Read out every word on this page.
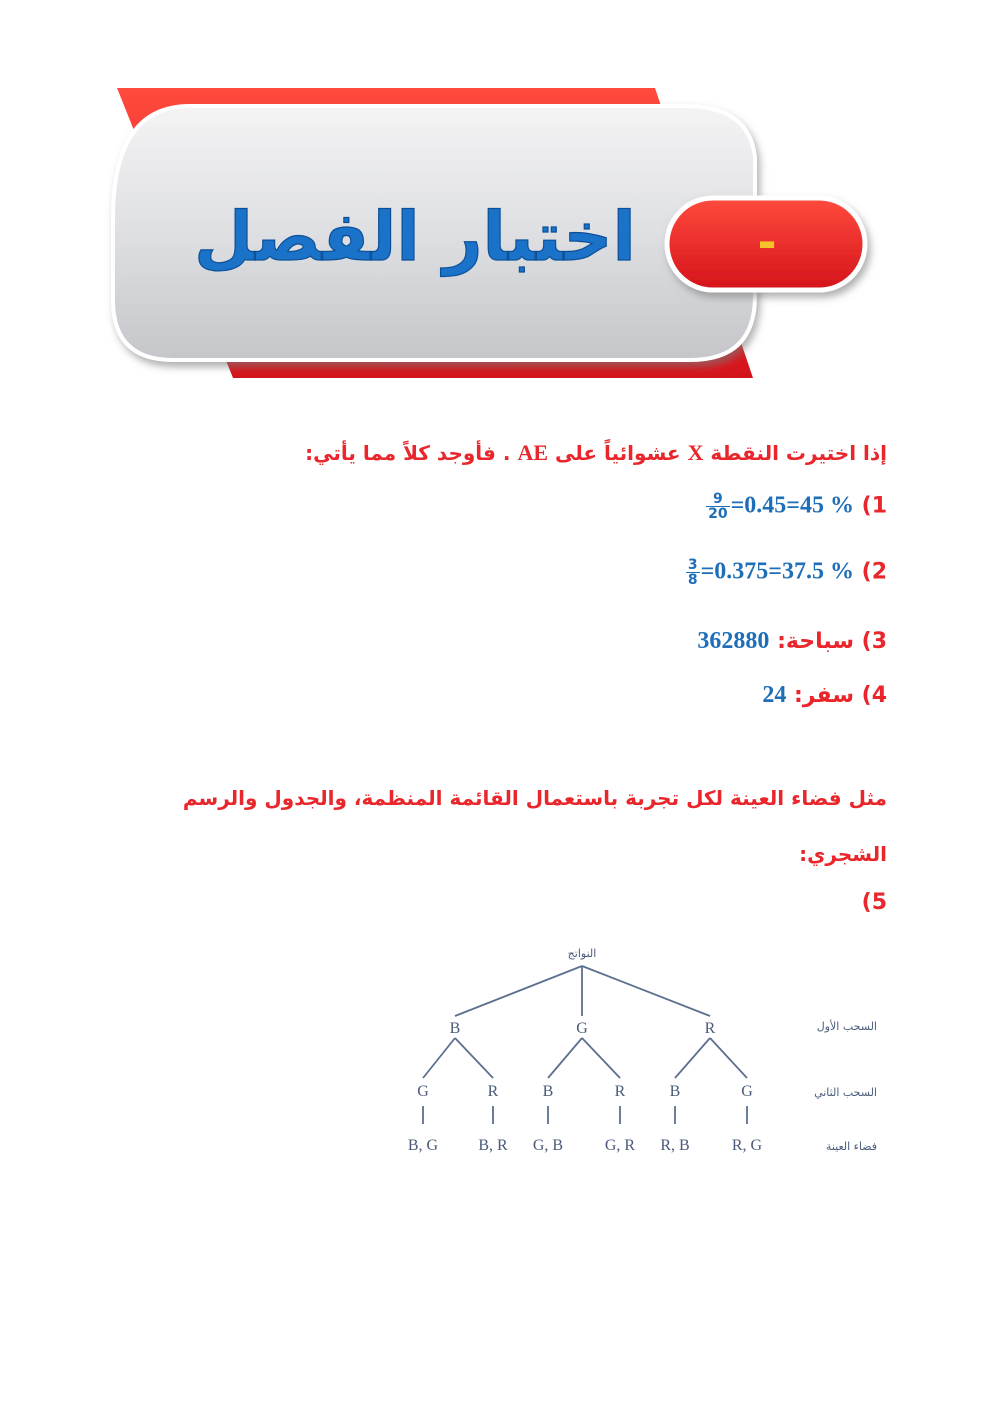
-
اختبار الفصل
إذا اختيرت النقطة X عشوائياً على AE . فأوجد كلاً مما يأتي:
1)
$\frac{9}{20} =0.45=45$ %
2)
$\frac{3}{8} =0.375=37.5$ %
3) سباحة: 362880
4) سفر: 24
مثل فضاء العينة لكل تجربة باستعمال القائمة المنظمة، والجدول والرسم
الشجري:
5)
النواتج
B	G	R
G	R	B	R	B	G
B, G	B, R G, B	G, R R, B	R, G
السحب الأول
السحب الثاني
فضاء العينة
